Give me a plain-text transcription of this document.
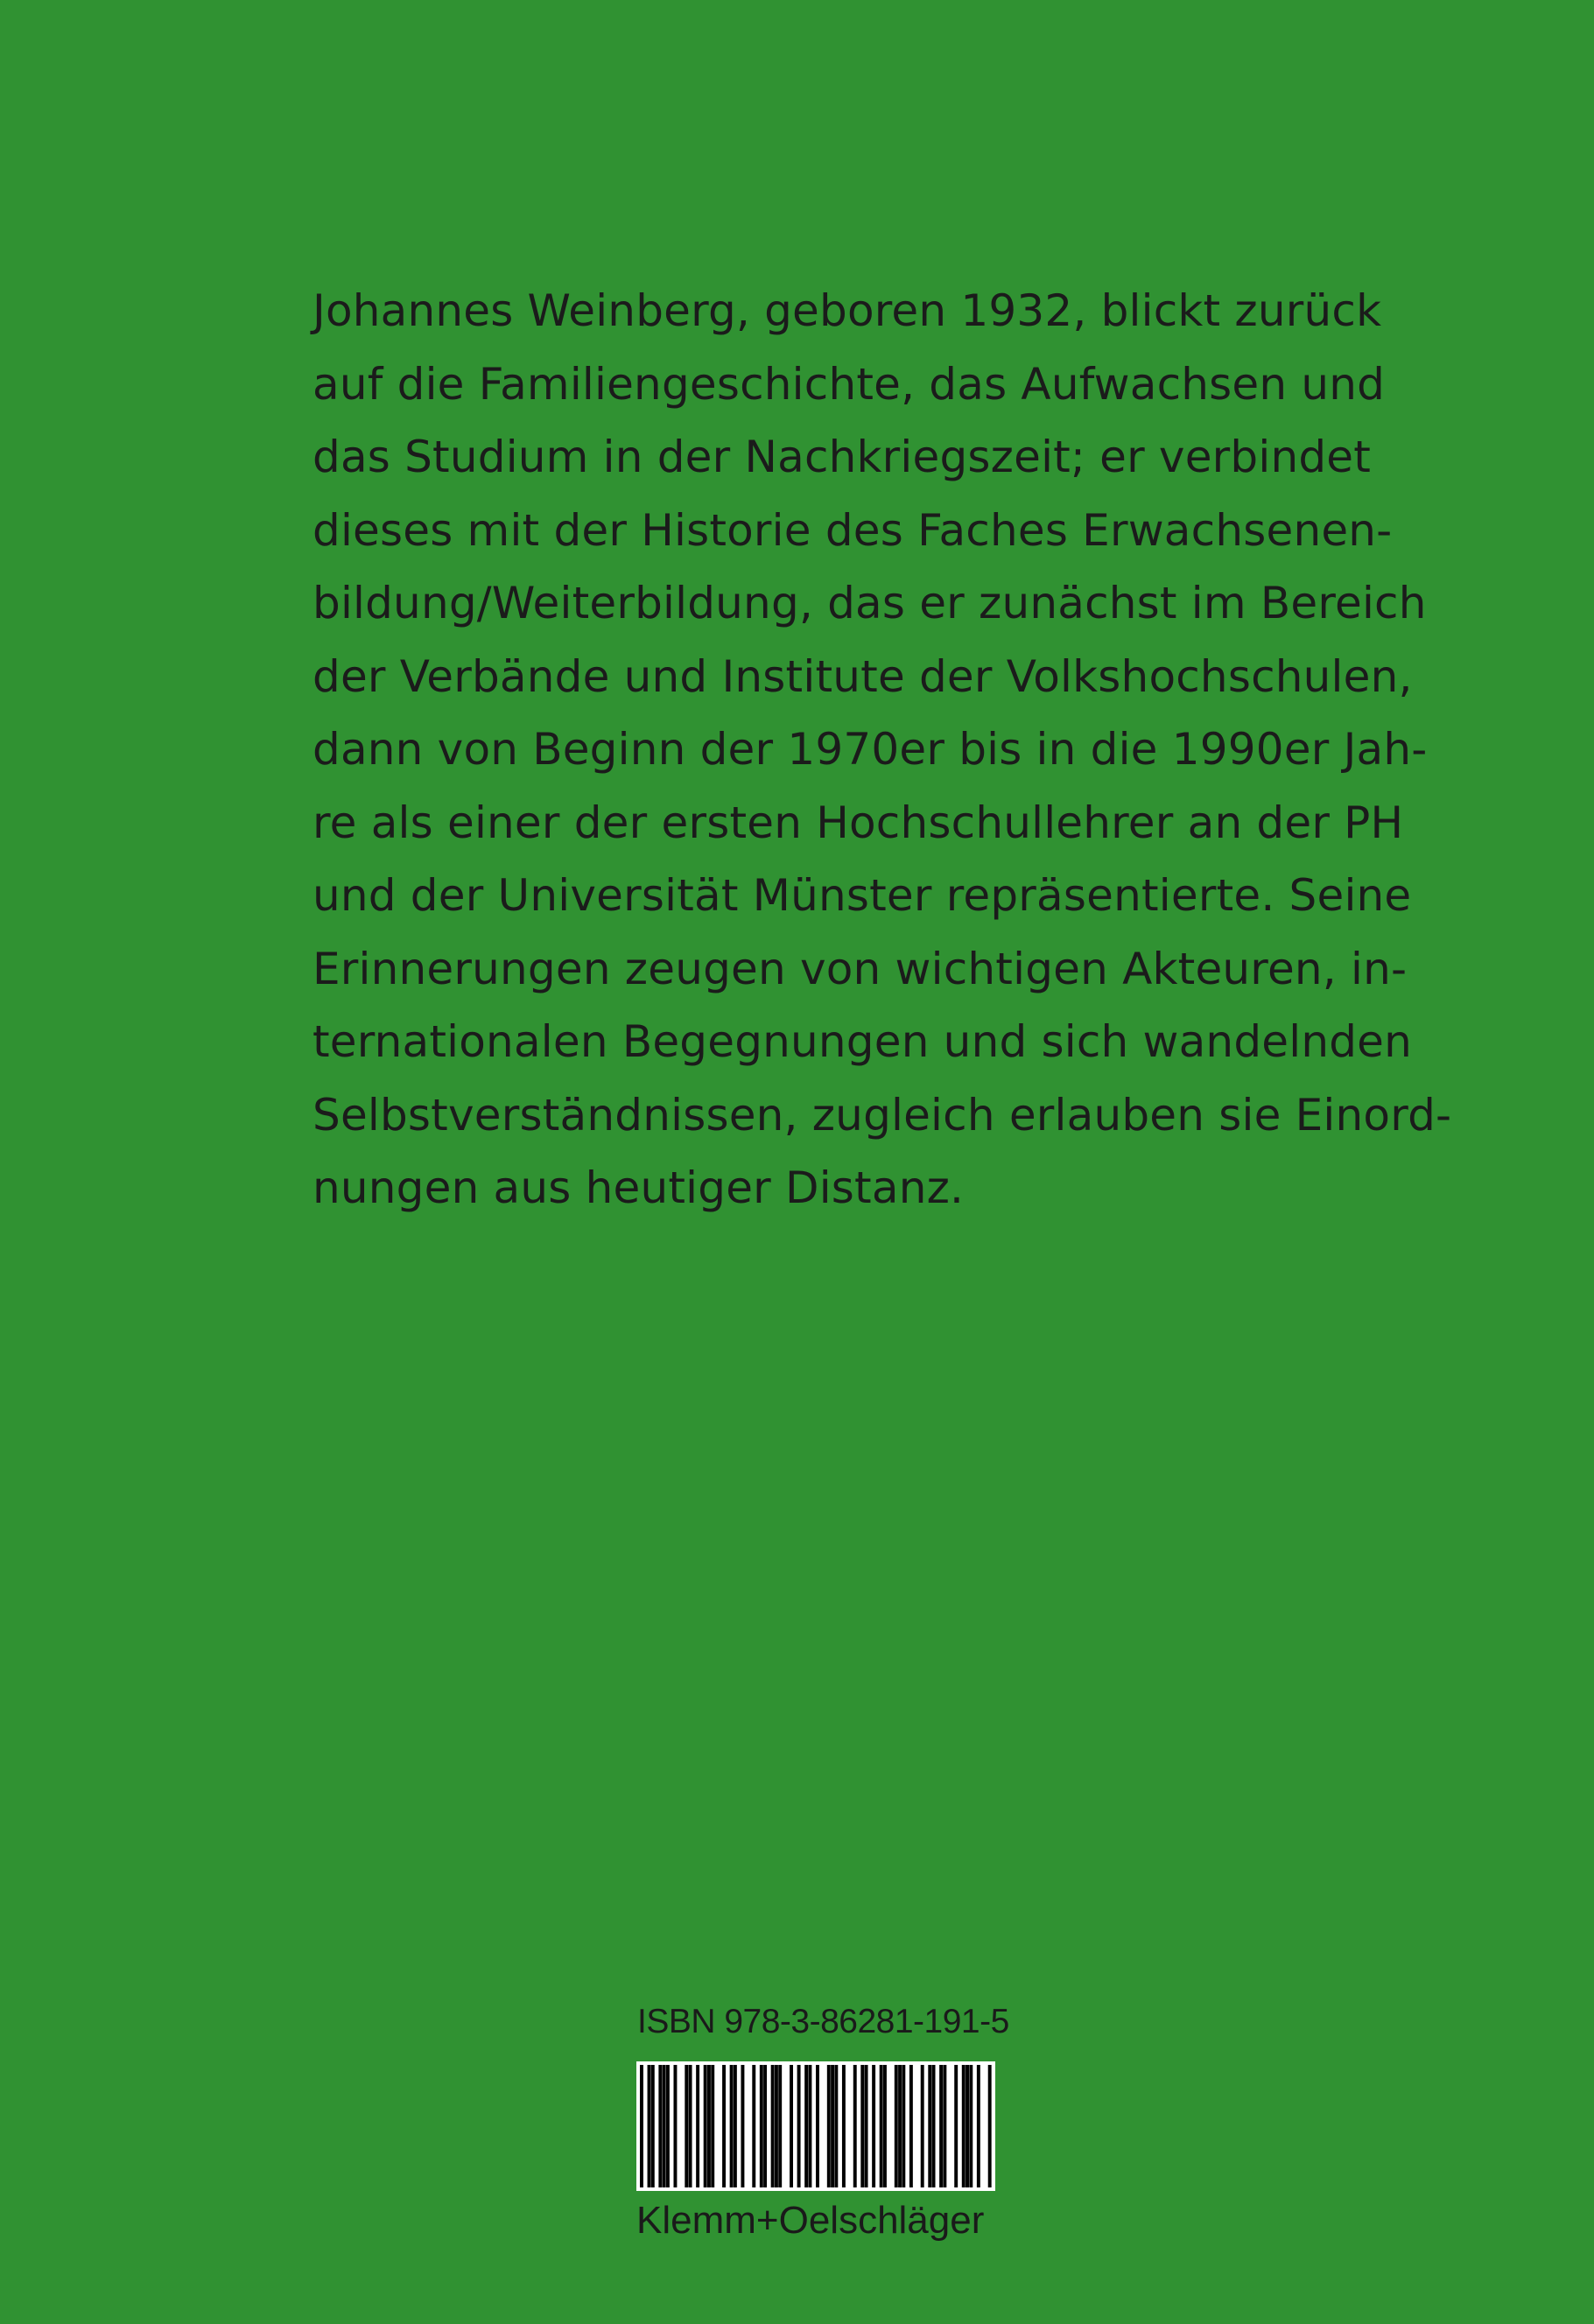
Johannes Weinberg, geboren 1932, blickt zurück
auf die Familiengeschichte, das Aufwachsen und
das Studium in der Nachkriegszeit; er verbindet
dieses mit der Historie des Faches Erwachsenen-
bildung/Weiterbildung, das er zunächst im Bereich
der Verbände und Institute der Volkshochschulen,
dann von Beginn der 1970er bis in die 1990er Jah-
re als einer der ersten Hochschullehrer an der PH
und der Universität Münster repräsentierte. Seine
Erinnerungen zeugen von wichtigen Akteuren, in-
ternationalen Begegnungen und sich wandelnden
Selbstverständnissen, zugleich erlauben sie Einord-
nungen aus heutiger Distanz.
ISBN 978-3-86281-191-5
Klemm+Oelschläger
